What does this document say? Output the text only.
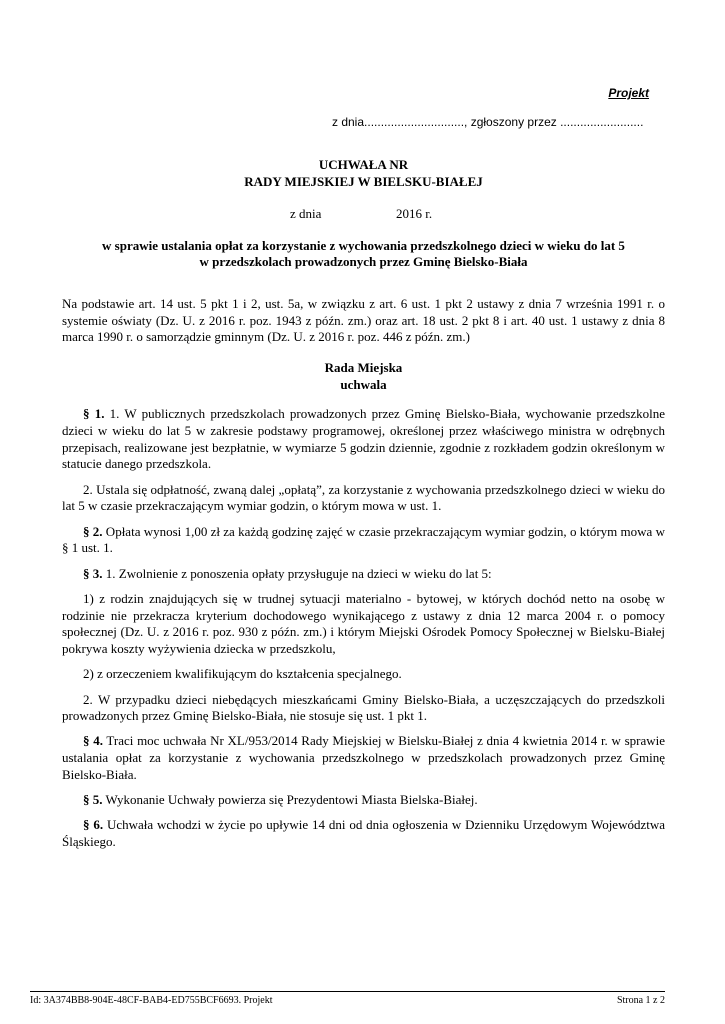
Projekt
z dnia.............................., zgłoszony przez .........................
UCHWAŁA NR
RADY MIEJSKIEJ W BIELSKU-BIAŁEJ
z dnia	2016 r.
w sprawie ustalania opłat za korzystanie z wychowania przedszkolnego dzieci w wieku do lat 5
w przedszkolach prowadzonych przez Gminę Bielsko-Biała
Na podstawie art. 14 ust. 5 pkt 1 i 2, ust. 5a, w związku z art. 6 ust. 1 pkt 2 ustawy z dnia 7 września 1991 r. o systemie oświaty (Dz. U. z 2016 r. poz. 1943 z późn. zm.) oraz art. 18 ust. 2 pkt 8 i art. 40 ust. 1 ustawy z dnia 8 marca 1990 r. o samorządzie gminnym (Dz. U. z 2016 r. poz. 446 z późn. zm.)
Rada Miejska
uchwala

§ 1. 1. W publicznych przedszkolach prowadzonych przez Gminę Bielsko-Biała, wychowanie przedszkolne dzieci w wieku do lat 5 w zakresie podstawy programowej, określonej przez właściwego ministra w odrębnych przepisach, realizowane jest bezpłatnie, w wymiarze 5 godzin dziennie, zgodnie z rozkładem godzin określonym w statucie danego przedszkola.

2. Ustala się odpłatność, zwaną dalej „opłatą”, za korzystanie z wychowania przedszkolnego dzieci w wieku do lat 5 w czasie przekraczającym wymiar godzin, o którym mowa w ust. 1.

§ 2. Opłata wynosi 1,00 zł za każdą godzinę zajęć w czasie przekraczającym wymiar godzin, o którym mowa w § 1 ust. 1.

§ 3. 1. Zwolnienie z ponoszenia opłaty przysługuje na dzieci w wieku do lat 5:

1) z rodzin znajdujących się w trudnej sytuacji materialno - bytowej, w których dochód netto na osobę w rodzinie nie przekracza kryterium dochodowego wynikającego z ustawy z dnia 12 marca 2004 r. o pomocy społecznej (Dz. U. z 2016 r. poz. 930 z późn. zm.) i którym Miejski Ośrodek Pomocy Społecznej w Bielsku-Białej pokrywa koszty wyżywienia dziecka w przedszkolu,

2) z orzeczeniem kwalifikującym do kształcenia specjalnego.

2. W przypadku dzieci niebędących mieszkańcami Gminy Bielsko-Biała, a uczęszczających do przedszkoli prowadzonych przez Gminę Bielsko-Biała, nie stosuje się ust. 1 pkt 1.

§ 4. Traci moc uchwała Nr XL/953/2014 Rady Miejskiej w Bielsku-Białej z dnia 4 kwietnia 2014 r. w sprawie ustalania opłat za korzystanie z wychowania przedszkolnego w przedszkolach prowadzonych przez Gminę Bielsko-Biała.

§ 5. Wykonanie Uchwały powierza się Prezydentowi Miasta Bielska-Białej.

§ 6. Uchwała wchodzi w życie po upływie 14 dni od dnia ogłoszenia w Dzienniku Urzędowym Województwa Śląskiego.

Id: 3A374BB8-904E-48CF-BAB4-ED755BCF6693. Projekt	Strona 1 z 2
